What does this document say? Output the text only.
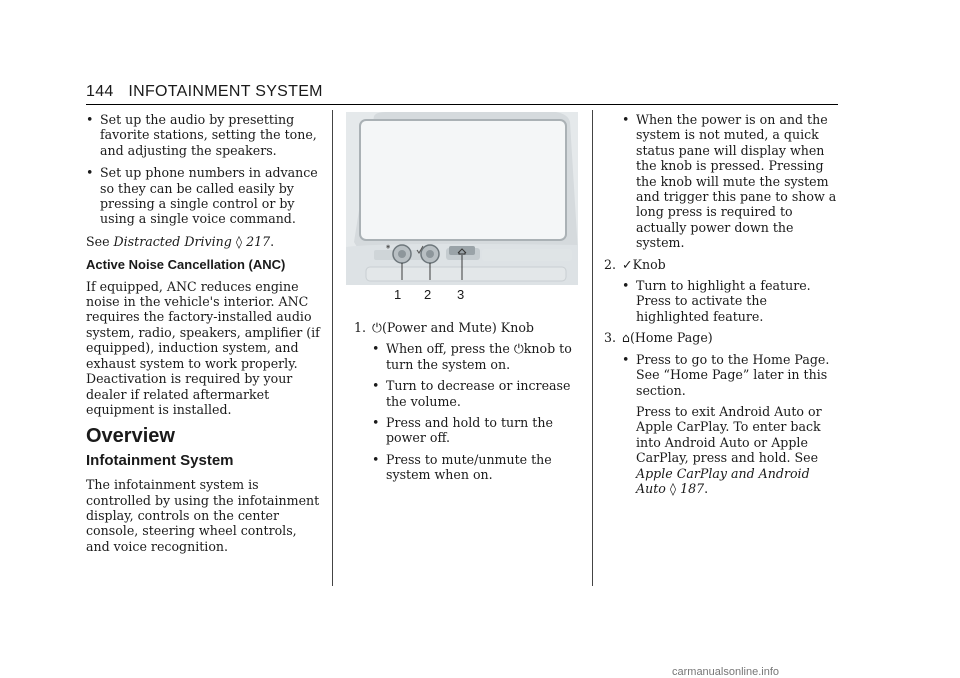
144 INFOTAINMENT SYSTEM
• Set up the audio by presetting favorite stations, setting the tone, and adjusting the speakers.
• Set up phone numbers in advance so they can be called easily by pressing a single control or by using a single voice command.

See Distracted Driving ◊ 217.

Active Noise Cancellation (ANC)

If equipped, ANC reduces engine noise in the vehicle's interior. ANC requires the factory-installed audio system, radio, speakers, amplifier (if equipped), induction system, and exhaust system to work properly. Deactivation is required by your dealer if related aftermarket equipment is installed.

Overview
Infotainment System

The infotainment system is controlled by using the infotainment display, controls on the center console, steering wheel controls, and voice recognition.

◉
1 2 3
1. ⏻(Power and Mute) Knob
• When off, press the ⏻knob to turn the system on.
• Turn to decrease or increase the volume.
• Press and hold to turn the power off.
• Press to mute/unmute the system when on.
• When the power is on and the system is not muted, a quick status pane will display when the knob is pressed. Pressing the knob will mute the system and trigger this pane to show a long press is required to actually power down the system.
2. ✓Knob
• Turn to highlight a feature. Press to activate the highlighted feature.
3. ⌂(Home Page)
• Press to go to the Home Page. See “Home Page” later in this section.

Press to exit Android Auto or Apple CarPlay. To enter back into Android Auto or Apple CarPlay, press and hold. See Apple CarPlay and Android Auto ◊ 187.

carmanualsonline.info
